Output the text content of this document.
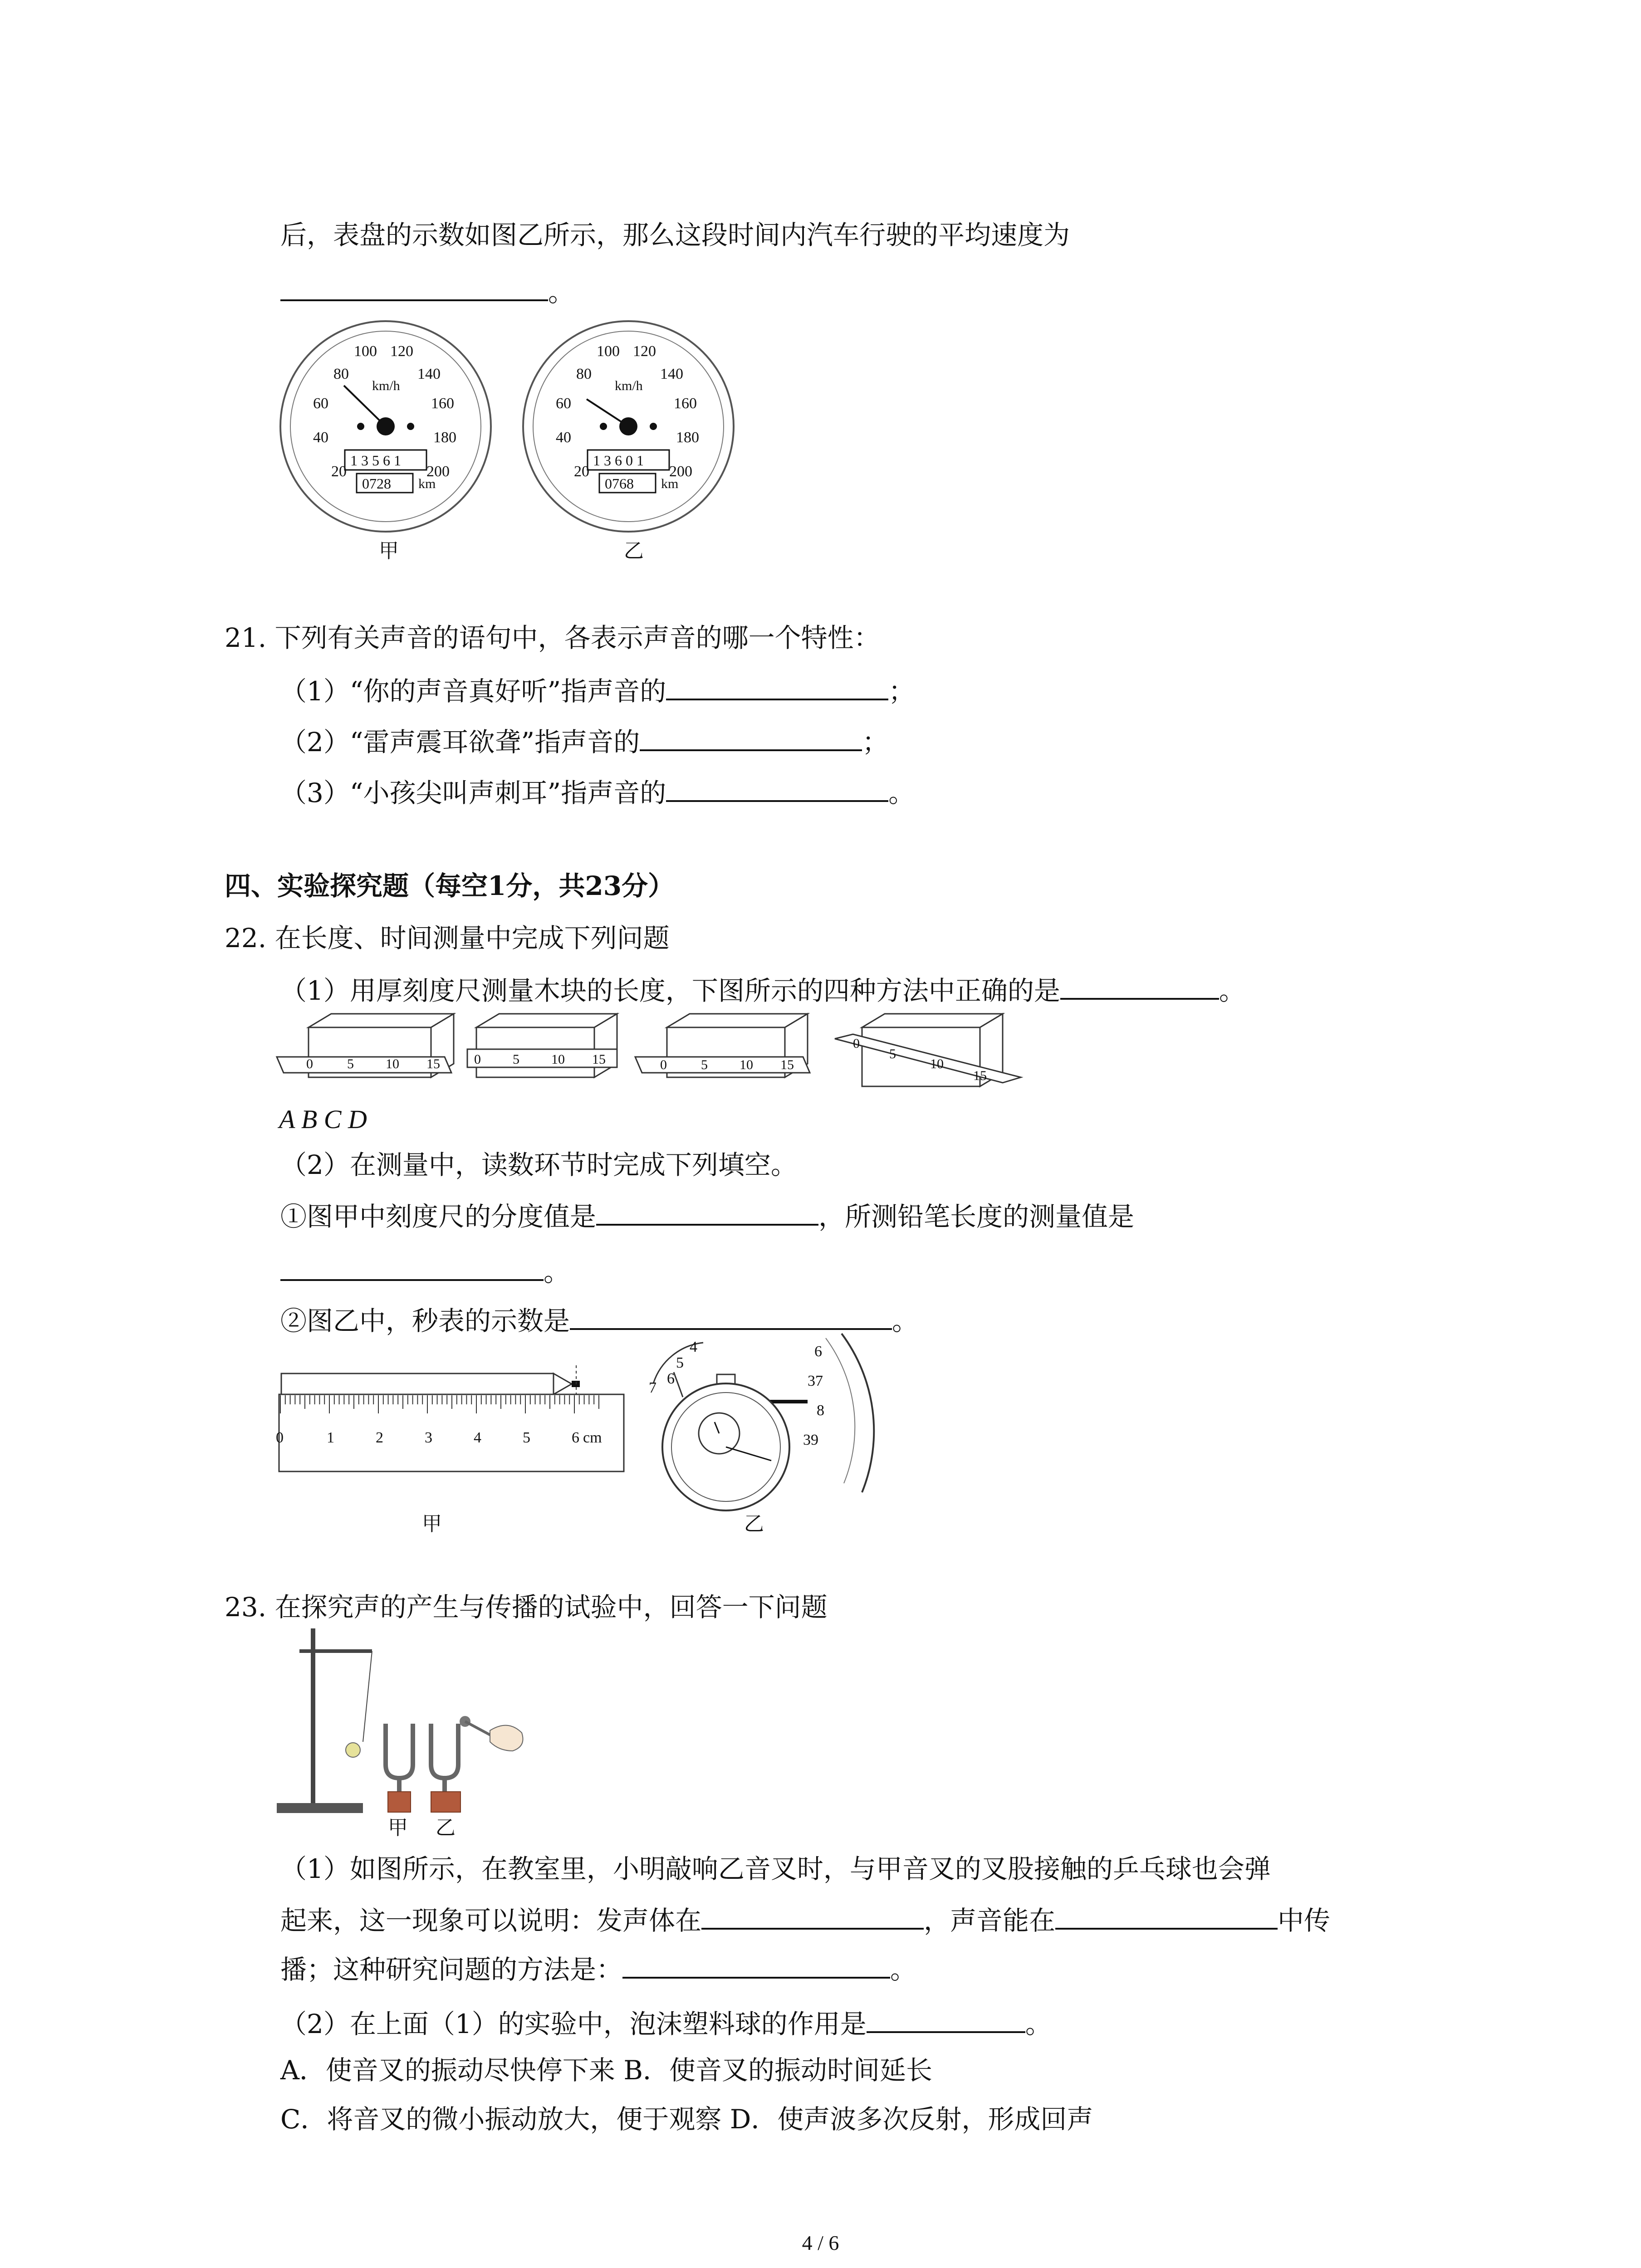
后，表盘的示数如图乙所示，那么这段时间内汽车行驶的平均速度为
。
20
40
60
80
100 120
140
160
180
200
km/h
1 3 5 6 1
0728 km
甲
20
40
60
80
100 120
140
160
180
200
km/h
1 3 6 0 1
0768 km
乙
21. 下列有关声音的语句中，各表示声音的哪一个特性：
（1）“你的声音真好听”指声音的	；
（2）“雷声震耳欲聋”指声音的	；
（3）“小孩尖叫声刺耳”指声音的	。
四、实验探究题（每空1分，共23分）
22. 在长度、时间测量中完成下列问题
（1）用厚刻度尺测量木块的长度，下图所示的四种方法中正确的是	。
0	5 10 15	0 5 10 15	0	5 10 15
0
5
10
15
A B C D
（2）在测量中，读数环节时完成下列填空。
①图甲中刻度尺的分度值是	，所测铅笔长度的测量值是
。
②图乙中，秒表的示数是	。
0	1	2	3	4	5	6 cm
甲
4
5
6
7
6
37
8
39
乙
23. 在探究声的产生与传播的试验中，回答一下问题
甲 乙
（1）如图所示，在教室里，小明敲响乙音叉时，与甲音叉的叉股接触的乒乓球也会弹
起来，这一现象可以说明：发声体在	，声音能在	中传
播；这种研究问题的方法是：	。
（2）在上面（1）的实验中，泡沫塑料球的作用是	。
A．使音叉的振动尽快停下来 B．使音叉的振动时间延长
C．将音叉的微小振动放大，便于观察 D．使声波多次反射，形成回声
4 / 6
